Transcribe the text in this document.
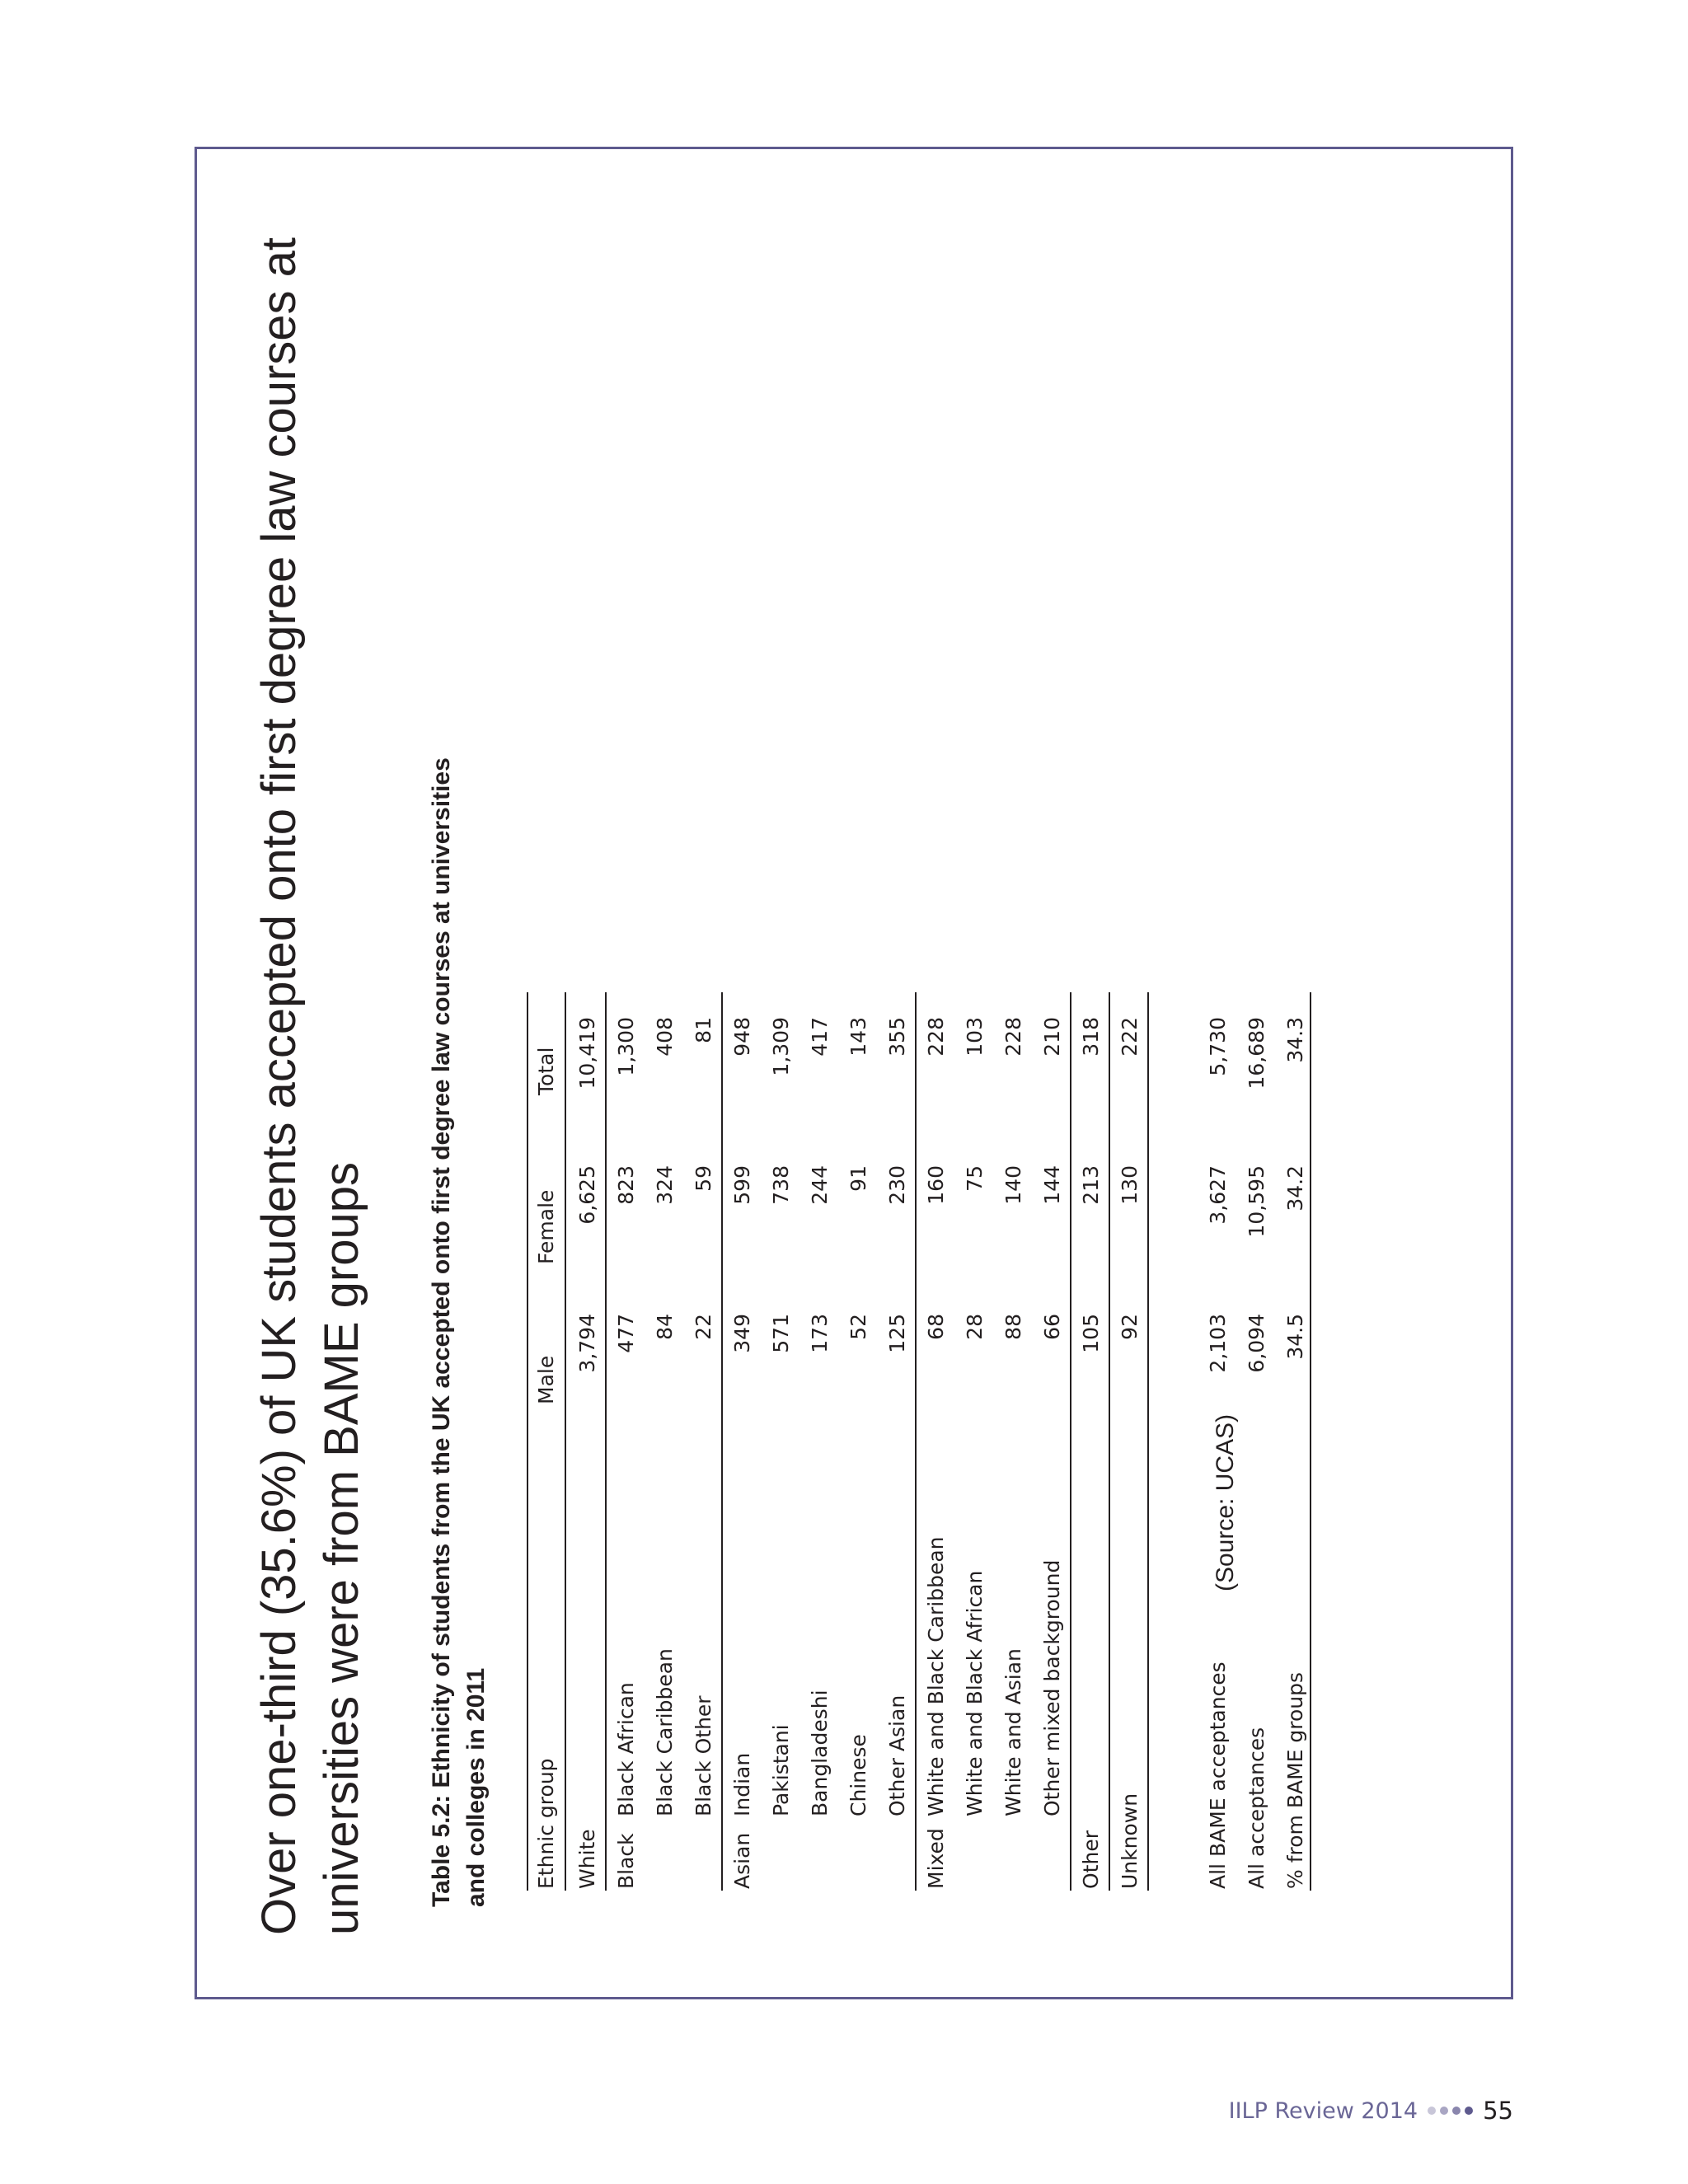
Over one-third (35.6%) of UK students accepted onto first degree law courses at universities were from BAME groups Table 5.2: Ethnicity of students from the UK accepted onto first degree law courses at universities and colleges in 2011	Ethnic group
Male
Female
Total
White
3,794
6,625
10,419
Black
Black African
477
823
1,300
Black Caribbean
84
324
408
Black Other
22
59
81
Asian
Indian
349
599
948
Pakistani
571
738
1,309
Bangladeshi
173
244
417
Chinese
52
91
143
Other Asian
125
230
355
Mixed
White and Black Caribbean
68
160
228
White and Black African
28
75
103
White and Asian
88
140
228
Other mixed background
66
144
210
Other
105
213
318
Unknown
92
130
222
All BAME acceptances
2,103
3,627
5,730
All acceptances
6,094
10,595
16,689
% from BAME groups
34.5
34.2
34.3
(Source: UCAS)
IILP Review 2014	55
